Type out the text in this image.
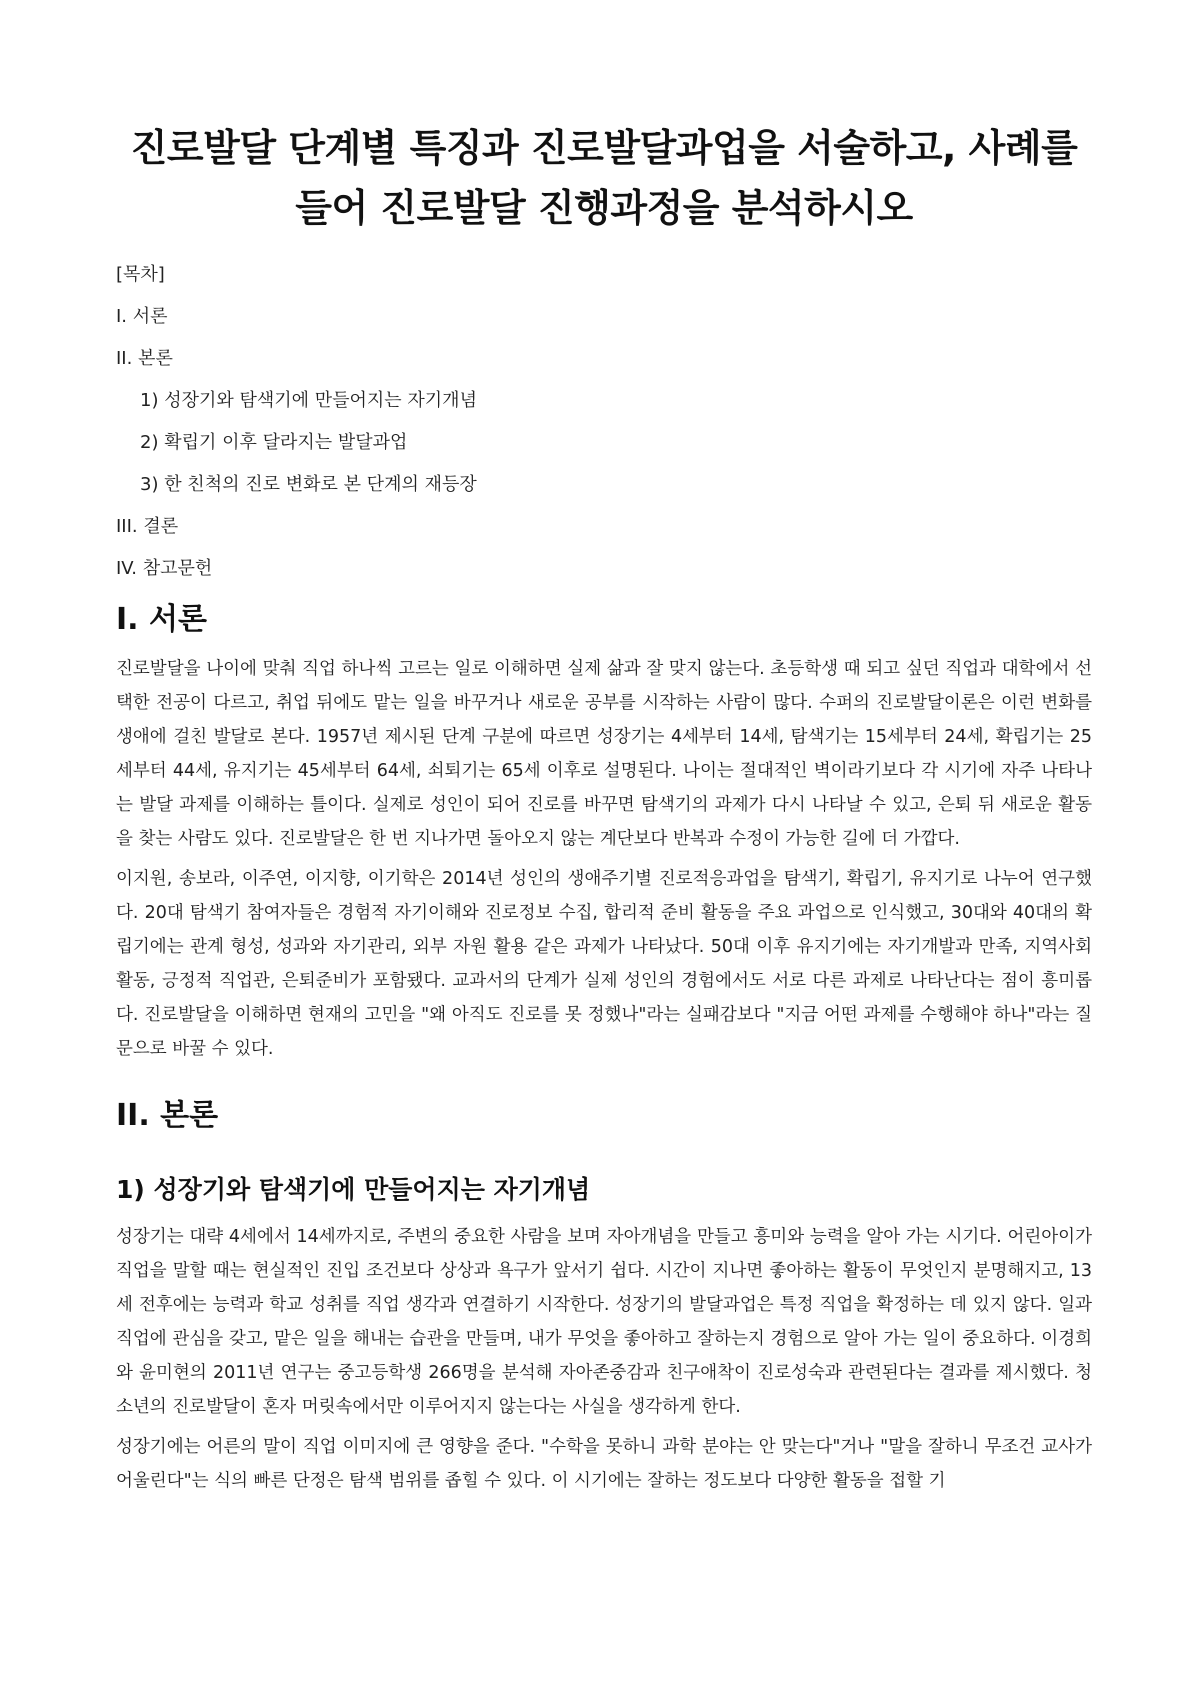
진로발달 단계별 특징과 진로발달과업을 서술하고, 사례를 들어 진로발달 진행과정을 분석하시오
[목차]
I. 서론
II. 본론
1) 성장기와 탐색기에 만들어지는 자기개념
2) 확립기 이후 달라지는 발달과업
3) 한 친척의 진로 변화로 본 단계의 재등장
III. 결론
IV. 참고문헌
I. 서론

진로발달을 나이에 맞춰 직업 하나씩 고르는 일로 이해하면 실제 삶과 잘 맞지 않는다. 초등학생 때 되고 싶던 직업과 대학에서 선택한 전공이 다르고, 취업 뒤에도 맡는 일을 바꾸거나 새로운 공부를 시작하는 사람이 많다. 수퍼의 진로발달이론은 이런 변화를 생애에 걸친 발달로 본다. 1957년 제시된 단계 구분에 따르면 성장기는 4세부터 14세, 탐색기는 15세부터 24세, 확립기는 25세부터 44세, 유지기는 45세부터 64세, 쇠퇴기는 65세 이후로 설명된다. 나이는 절대적인 벽이라기보다 각 시기에 자주 나타나는 발달 과제를 이해하는 틀이다. 실제로 성인이 되어 진로를 바꾸면 탐색기의 과제가 다시 나타날 수 있고, 은퇴 뒤 새로운 활동을 찾는 사람도 있다. 진로발달은 한 번 지나가면 돌아오지 않는 계단보다 반복과 수정이 가능한 길에 더 가깝다.

이지원, 송보라, 이주연, 이지향, 이기학은 2014년 성인의 생애주기별 진로적응과업을 탐색기, 확립기, 유지기로 나누어 연구했다. 20대 탐색기 참여자들은 경험적 자기이해와 진로정보 수집, 합리적 준비 활동을 주요 과업으로 인식했고, 30대와 40대의 확립기에는 관계 형성, 성과와 자기관리, 외부 자원 활용 같은 과제가 나타났다. 50대 이후 유지기에는 자기개발과 만족, 지역사회활동, 긍정적 직업관, 은퇴준비가 포함됐다. 교과서의 단계가 실제 성인의 경험에서도 서로 다른 과제로 나타난다는 점이 흥미롭다. 진로발달을 이해하면 현재의 고민을 "왜 아직도 진로를 못 정했나"라는 실패감보다 "지금 어떤 과제를 수행해야 하나"라는 질문으로 바꿀 수 있다.

II. 본론
1) 성장기와 탐색기에 만들어지는 자기개념

성장기는 대략 4세에서 14세까지로, 주변의 중요한 사람을 보며 자아개념을 만들고 흥미와 능력을 알아 가는 시기다. 어린아이가 직업을 말할 때는 현실적인 진입 조건보다 상상과 욕구가 앞서기 쉽다. 시간이 지나면 좋아하는 활동이 무엇인지 분명해지고, 13세 전후에는 능력과 학교 성취를 직업 생각과 연결하기 시작한다. 성장기의 발달과업은 특정 직업을 확정하는 데 있지 않다. 일과 직업에 관심을 갖고, 맡은 일을 해내는 습관을 만들며, 내가 무엇을 좋아하고 잘하는지 경험으로 알아 가는 일이 중요하다. 이경희와 윤미현의 2011년 연구는 중고등학생 266명을 분석해 자아존중감과 친구애착이 진로성숙과 관련된다는 결과를 제시했다. 청소년의 진로발달이 혼자 머릿속에서만 이루어지지 않는다는 사실을 생각하게 한다.

성장기에는 어른의 말이 직업 이미지에 큰 영향을 준다. "수학을 못하니 과학 분야는 안 맞는다"거나 "말을 잘하니 무조건 교사가 어울린다"는 식의 빠른 단정은 탐색 범위를 좁힐 수 있다. 이 시기에는 잘하는 정도보다 다양한 활동을 접할 기
